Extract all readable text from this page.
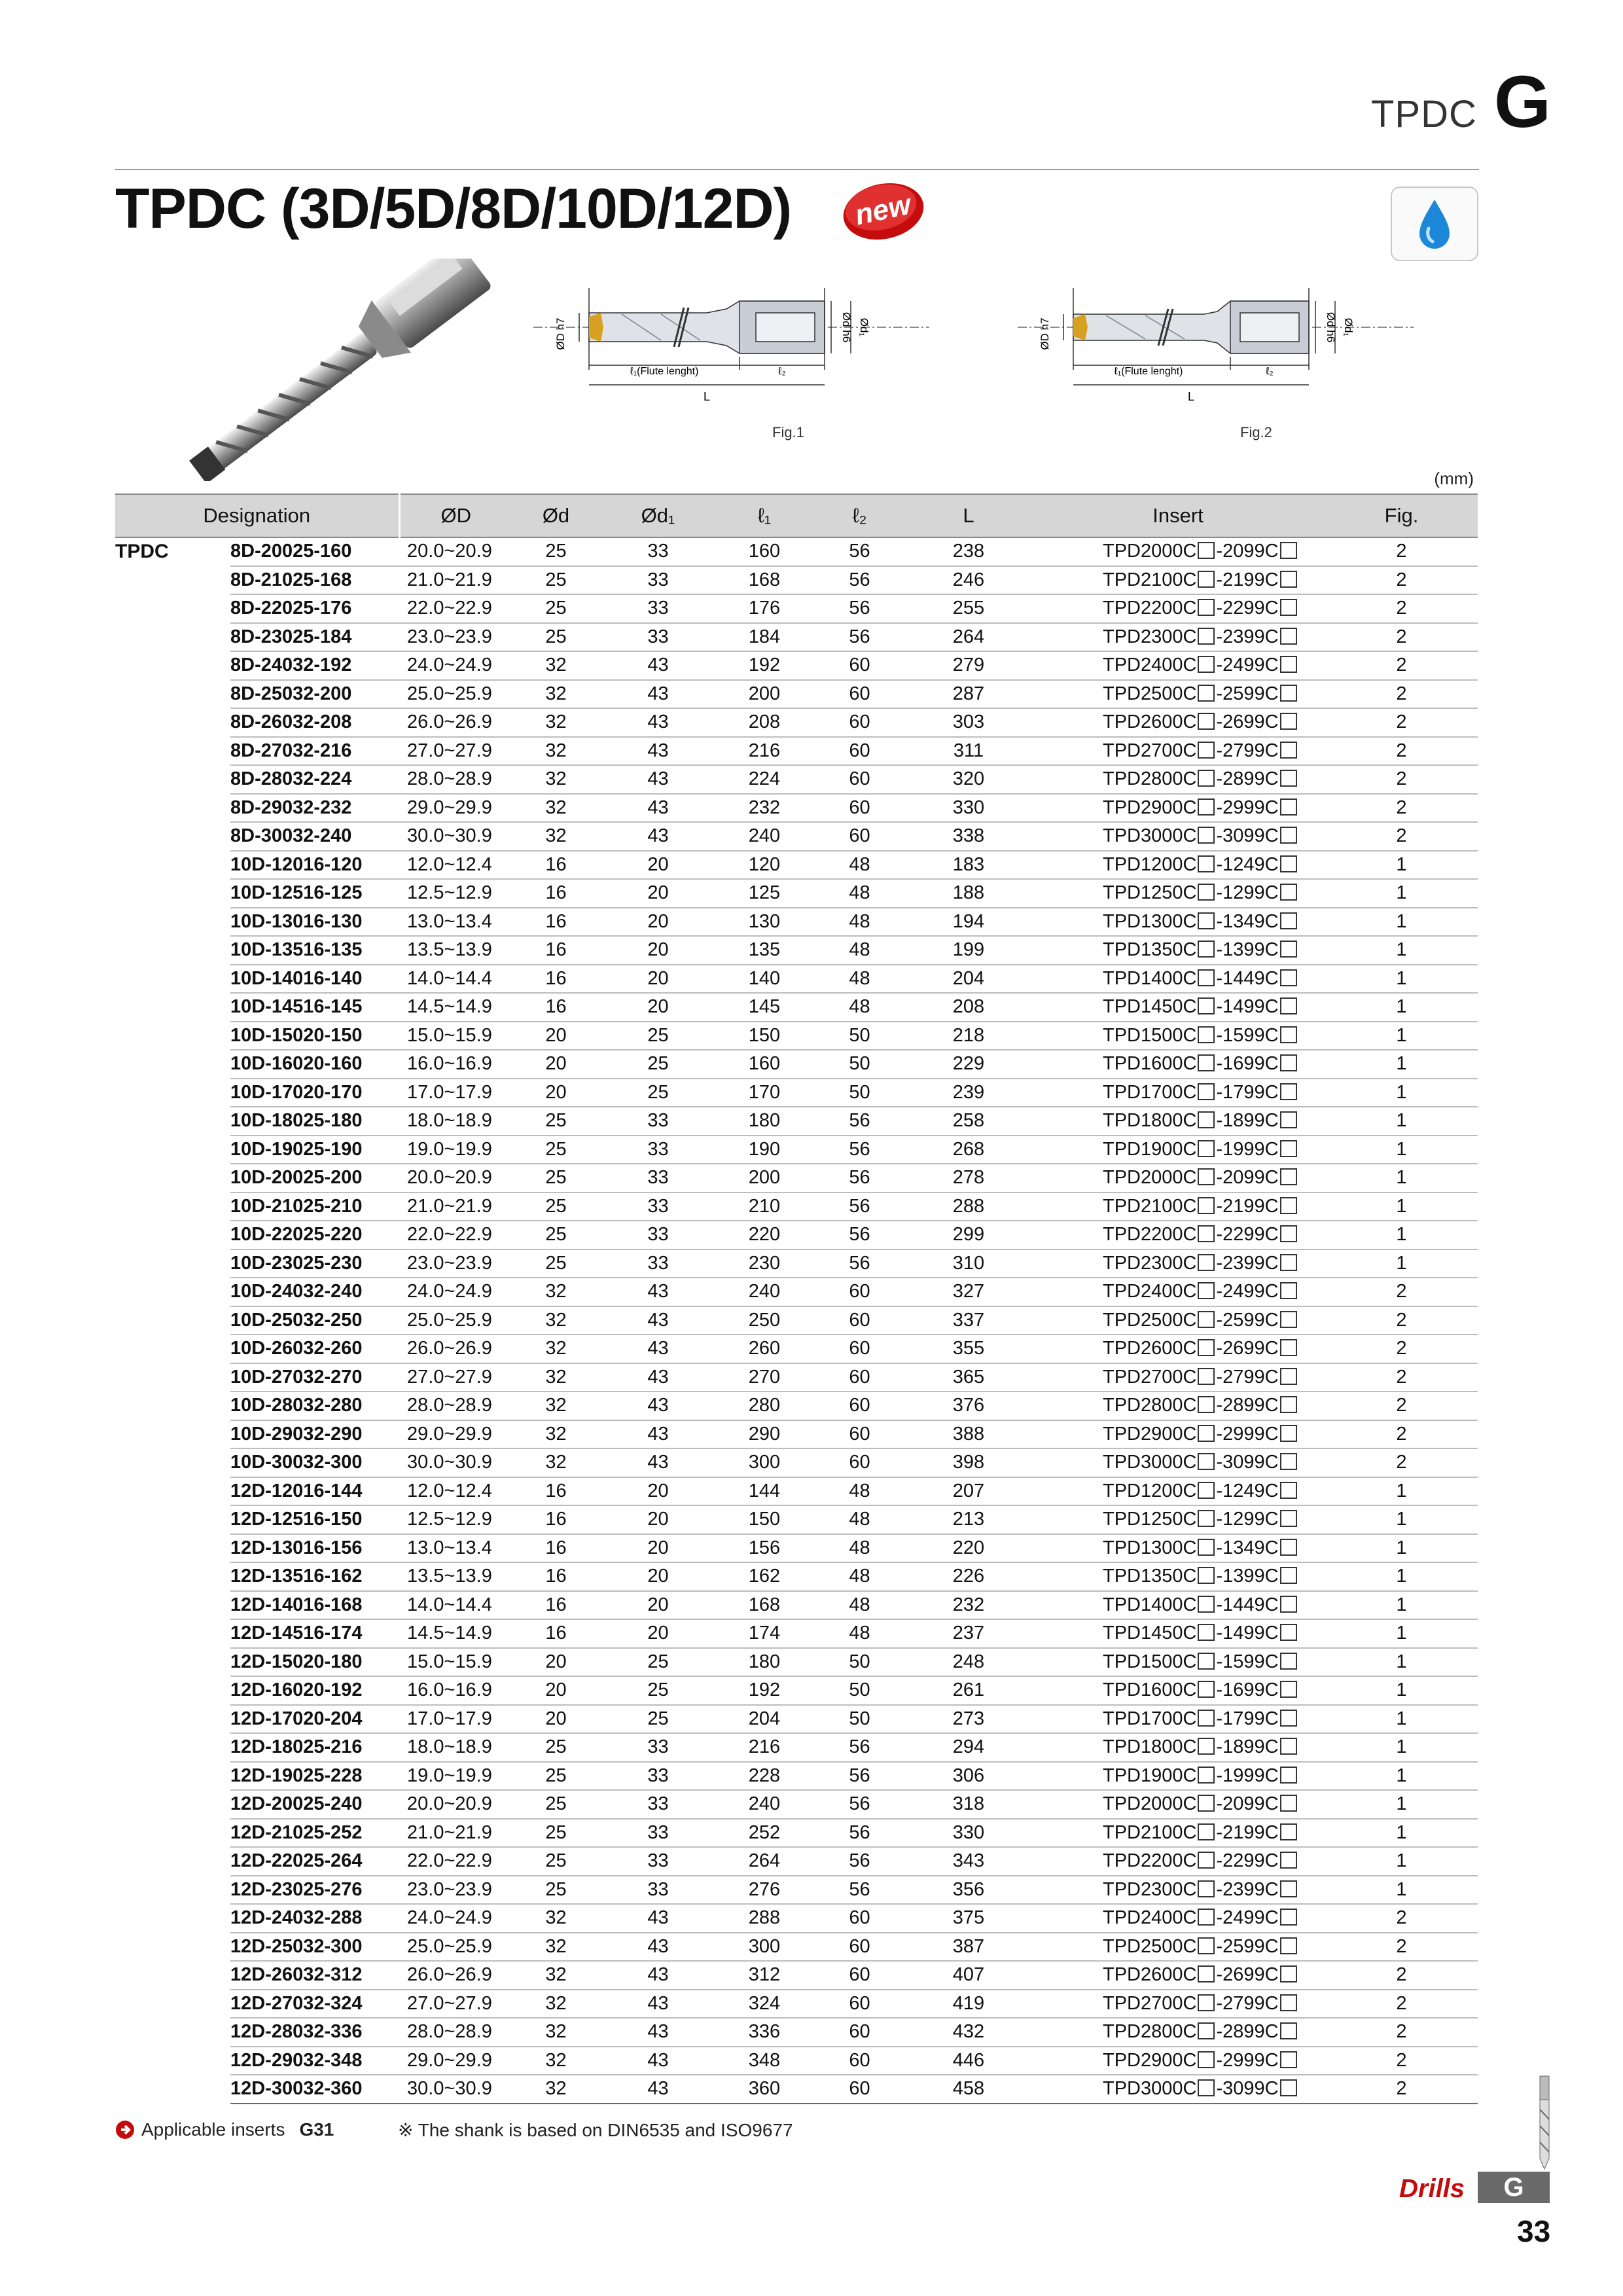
TPDC G
TPDC (3D/5D/8D/10D/12D) new
ØD h7	Ød h6 Ød₁
ℓ₁(Flute lenght)	ℓ₂
L
Fig.1
ØD h7	Ød h6 Ød₁
ℓ₁(Flute lenght)	ℓ₂
L
Fig.2
(mm)
Designation		ØD	Ød	Ød₁	ℓ₁	ℓ₂	L	Insert	Fig.
TPDC	8D-20025-160	20.0~20.9	25	33	160	56	238	TPD2000C -2099C	2
	8D-21025-168	21.0~21.9	25	33	168	56	246	TPD2100C -2199C	2
	8D-22025-176	22.0~22.9	25	33	176	56	255	TPD2200C -2299C	2
	8D-23025-184	23.0~23.9	25	33	184	56	264	TPD2300C -2399C	2
	8D-24032-192	24.0~24.9	32	43	192	60	279	TPD2400C -2499C	2
	8D-25032-200	25.0~25.9	32	43	200	60	287	TPD2500C -2599C	2
	8D-26032-208	26.0~26.9	32	43	208	60	303	TPD2600C -2699C	2
	8D-27032-216	27.0~27.9	32	43	216	60	311	TPD2700C -2799C	2
	8D-28032-224	28.0~28.9	32	43	224	60	320	TPD2800C -2899C	2
	8D-29032-232	29.0~29.9	32	43	232	60	330	TPD2900C -2999C	2
	8D-30032-240	30.0~30.9	32	43	240	60	338	TPD3000C -3099C	2
	10D-12016-120	12.0~12.4	16	20	120	48	183	TPD1200C -1249C	1
	10D-12516-125	12.5~12.9	16	20	125	48	188	TPD1250C -1299C	1
	10D-13016-130	13.0~13.4	16	20	130	48	194	TPD1300C -1349C	1
	10D-13516-135	13.5~13.9	16	20	135	48	199	TPD1350C -1399C	1
	10D-14016-140	14.0~14.4	16	20	140	48	204	TPD1400C -1449C	1
	10D-14516-145	14.5~14.9	16	20	145	48	208	TPD1450C -1499C	1
	10D-15020-150	15.0~15.9	20	25	150	50	218	TPD1500C -1599C	1
	10D-16020-160	16.0~16.9	20	25	160	50	229	TPD1600C -1699C	1
	10D-17020-170	17.0~17.9	20	25	170	50	239	TPD1700C -1799C	1
	10D-18025-180	18.0~18.9	25	33	180	56	258	TPD1800C -1899C	1
	10D-19025-190	19.0~19.9	25	33	190	56	268	TPD1900C -1999C	1
	10D-20025-200	20.0~20.9	25	33	200	56	278	TPD2000C -2099C	1
	10D-21025-210	21.0~21.9	25	33	210	56	288	TPD2100C -2199C	1
	10D-22025-220	22.0~22.9	25	33	220	56	299	TPD2200C -2299C	1
	10D-23025-230	23.0~23.9	25	33	230	56	310	TPD2300C -2399C	1
	10D-24032-240	24.0~24.9	32	43	240	60	327	TPD2400C -2499C	2
	10D-25032-250	25.0~25.9	32	43	250	60	337	TPD2500C -2599C	2
	10D-26032-260	26.0~26.9	32	43	260	60	355	TPD2600C -2699C	2
	10D-27032-270	27.0~27.9	32	43	270	60	365	TPD2700C -2799C	2
	10D-28032-280	28.0~28.9	32	43	280	60	376	TPD2800C -2899C	2
	10D-29032-290	29.0~29.9	32	43	290	60	388	TPD2900C -2999C	2
	10D-30032-300	30.0~30.9	32	43	300	60	398	TPD3000C -3099C	2
	12D-12016-144	12.0~12.4	16	20	144	48	207	TPD1200C -1249C	1
	12D-12516-150	12.5~12.9	16	20	150	48	213	TPD1250C -1299C	1
	12D-13016-156	13.0~13.4	16	20	156	48	220	TPD1300C -1349C	1
	12D-13516-162	13.5~13.9	16	20	162	48	226	TPD1350C -1399C	1
	12D-14016-168	14.0~14.4	16	20	168	48	232	TPD1400C -1449C	1
	12D-14516-174	14.5~14.9	16	20	174	48	237	TPD1450C -1499C	1
	12D-15020-180	15.0~15.9	20	25	180	50	248	TPD1500C -1599C	1
	12D-16020-192	16.0~16.9	20	25	192	50	261	TPD1600C -1699C	1
	12D-17020-204	17.0~17.9	20	25	204	50	273	TPD1700C -1799C	1
	12D-18025-216	18.0~18.9	25	33	216	56	294	TPD1800C -1899C	1
	12D-19025-228	19.0~19.9	25	33	228	56	306	TPD1900C -1999C	1
	12D-20025-240	20.0~20.9	25	33	240	56	318	TPD2000C -2099C	1
	12D-21025-252	21.0~21.9	25	33	252	56	330	TPD2100C -2199C	1
	12D-22025-264	22.0~22.9	25	33	264	56	343	TPD2200C -2299C	1
	12D-23025-276	23.0~23.9	25	33	276	56	356	TPD2300C -2399C	1
	12D-24032-288	24.0~24.9	32	43	288	60	375	TPD2400C -2499C	2
	12D-25032-300	25.0~25.9	32	43	300	60	387	TPD2500C -2599C	2
	12D-26032-312	26.0~26.9	32	43	312	60	407	TPD2600C -2699C	2
	12D-27032-324	27.0~27.9	32	43	324	60	419	TPD2700C -2799C	2
	12D-28032-336	28.0~28.9	32	43	336	60	432	TPD2800C -2899C	2
	12D-29032-348	29.0~29.9	32	43	348	60	446	TPD2900C -2999C	2
	12D-30032-360	30.0~30.9	32	43	360	60	458	TPD3000C -3099C	2
Applicable inserts G31	※ The shank is based on DIN6535 and ISO9677
Drills	G
33
